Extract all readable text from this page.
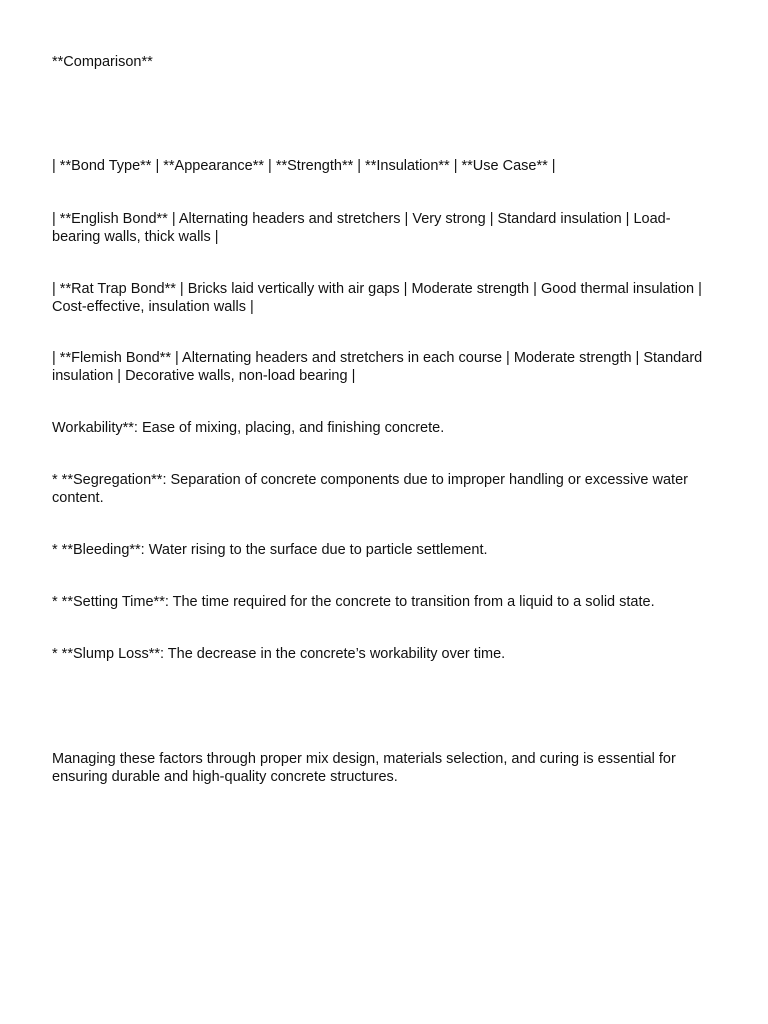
**Comparison**

| **Bond Type** | **Appearance** | **Strength** | **Insulation** | **Use Case** |

| **English Bond** | Alternating headers and stretchers | Very strong | Standard insulation | Load-bearing walls, thick walls |

| **Rat Trap Bond** | Bricks laid vertically with air gaps | Moderate strength | Good thermal insulation | Cost-effective, insulation walls |

| **Flemish Bond** | Alternating headers and stretchers in each course | Moderate strength | Standard insulation | Decorative walls, non-load bearing |

Workability**: Ease of mixing, placing, and finishing concrete.

* **Segregation**: Separation of concrete components due to improper handling or excessive water content.

* **Bleeding**: Water rising to the surface due to particle settlement.

* **Setting Time**: The time required for the concrete to transition from a liquid to a solid state.

* **Slump Loss**: The decrease in the concrete’s workability over time.

Managing these factors through proper mix design, materials selection, and curing is essential for ensuring durable and high-quality concrete structures.
